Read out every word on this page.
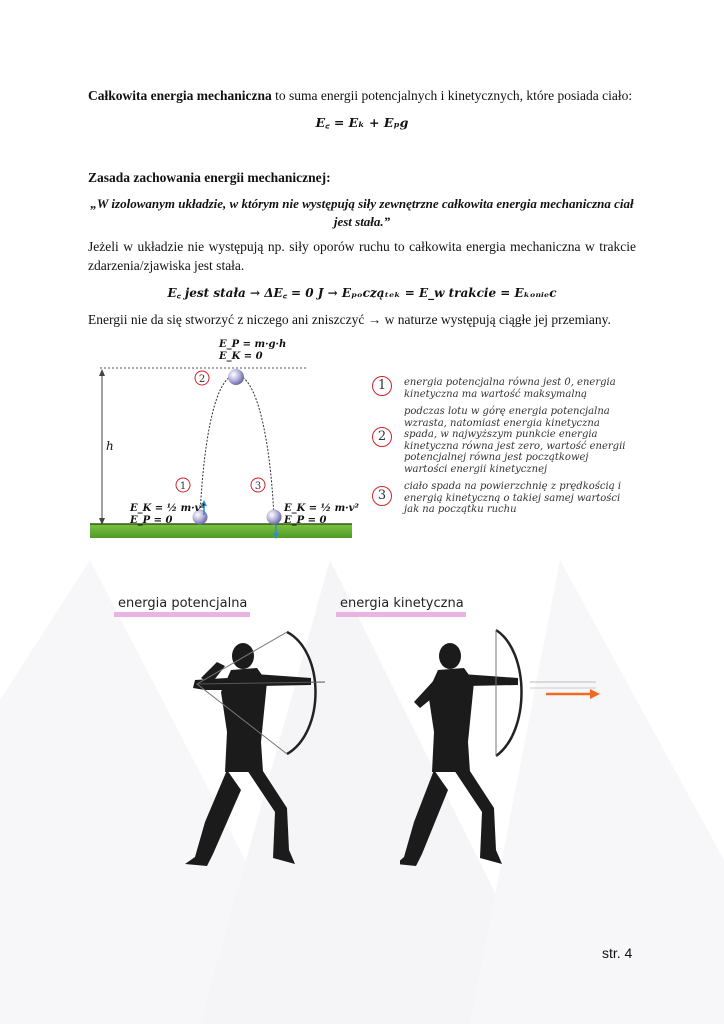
Całkowita energia mechaniczna to suma energii potencjalnych i kinetycznych, które posiada ciało:
E꜀ = Eₖ + Eₚg
Zasada zachowania energii mechanicznej:
„W izolowanym układzie, w którym nie występują siły zewnętrzne całkowita energia mechaniczna ciał jest stała.”
Jeżeli w układzie nie występują np. siły oporów ruchu to całkowita energia mechaniczna w trakcie zdarzenia/zjawiska jest stała.
E꜀ jest stała → ΔE꜀ = 0 J → Eₚₒcząₜₑₖ = E_w trakcie = Eₖₒₙᵢₑc
Energii nie da się stworzyć z niczego ani zniszczyć → w naturze występują ciągłe jej przemiany.
h
2
1	3
E_P = m·g·h
E_K = 0
E_K = ½ m·v²
E_P = 0
E_K = ½ m·v²
E_P = 0
1	energia potencjalna równa jest 0, energia kinetyczna ma wartość maksymalną
2
podczas lotu w górę energia potencjalna wzrasta, natomiast energia kinetyczna spada, w najwyższym punkcie energia kinetyczna równa jest zero, wartość energii potencjalnej równa jest początkowej wartości energii kinetycznej
3
ciało spada na powierzchnię z prędkością i energią kinetyczną o takiej samej wartości jak na początku ruchu
energia potencjalna	energia kinetyczna
str. 4
